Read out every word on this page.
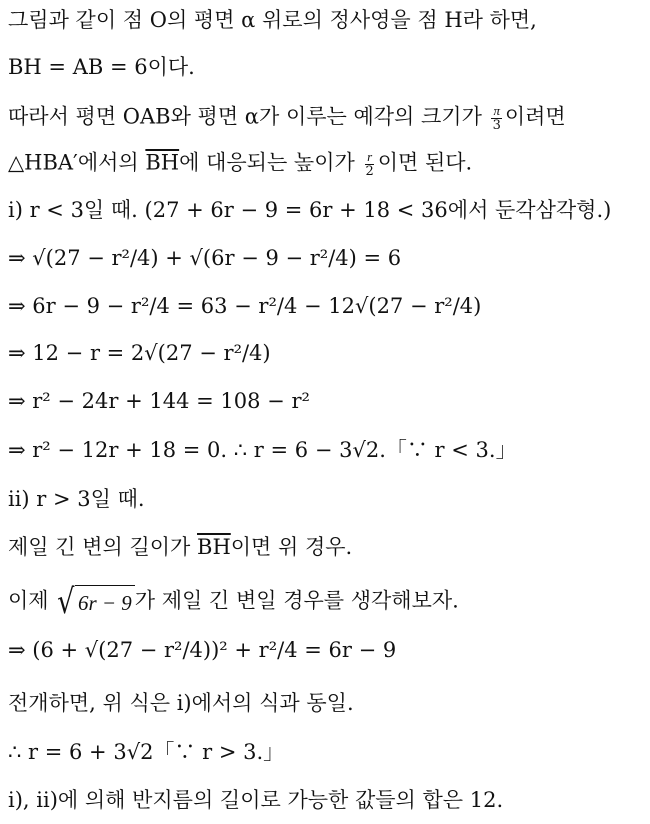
그림과 같이 점 O의 평면 α 위로의 정사영을 점 H라 하면,
BH = AB = 6이다.
따라서 평면 OAB와 평면 α가 이루는 예각의 크기가 $\frac{\pi}{3}$ 이려면
△HBA′에서의 $\overline{BH}$에 대응되는 높이가 $\frac{r}{2}$ 이면 된다.
i) r < 3일 때. (27 + 6r − 9 = 6r + 18 < 36에서 둔각삼각형.)
⇒ √(27 − r²/4) + √(6r − 9 − r²/4) = 6
⇒ 6r − 9 − r²/4 = 63 − r²/4 − 12√(27 − r²/4)
⇒ 12 − r = 2√(27 − r²/4)
⇒ r² − 24r + 144 = 108 − r²
⇒ r² − 12r + 18 = 0. ∴ r = 6 − 3√2.「∵ r < 3.」
ii) r > 3일 때.
제일 긴 변의 길이가 $\overline{BH}$이면 위 경우.
이제 √ 6r − 9 가 제일 긴 변일 경우를 생각해보자.
⇒ (6 + √(27 − r²/4))² + r²/4 = 6r − 9
전개하면, 위 식은 i)에서의 식과 동일.
∴ r = 6 + 3√2「∵ r > 3.」
i), ii)에 의해 반지름의 길이로 가능한 값들의 합은 12.
